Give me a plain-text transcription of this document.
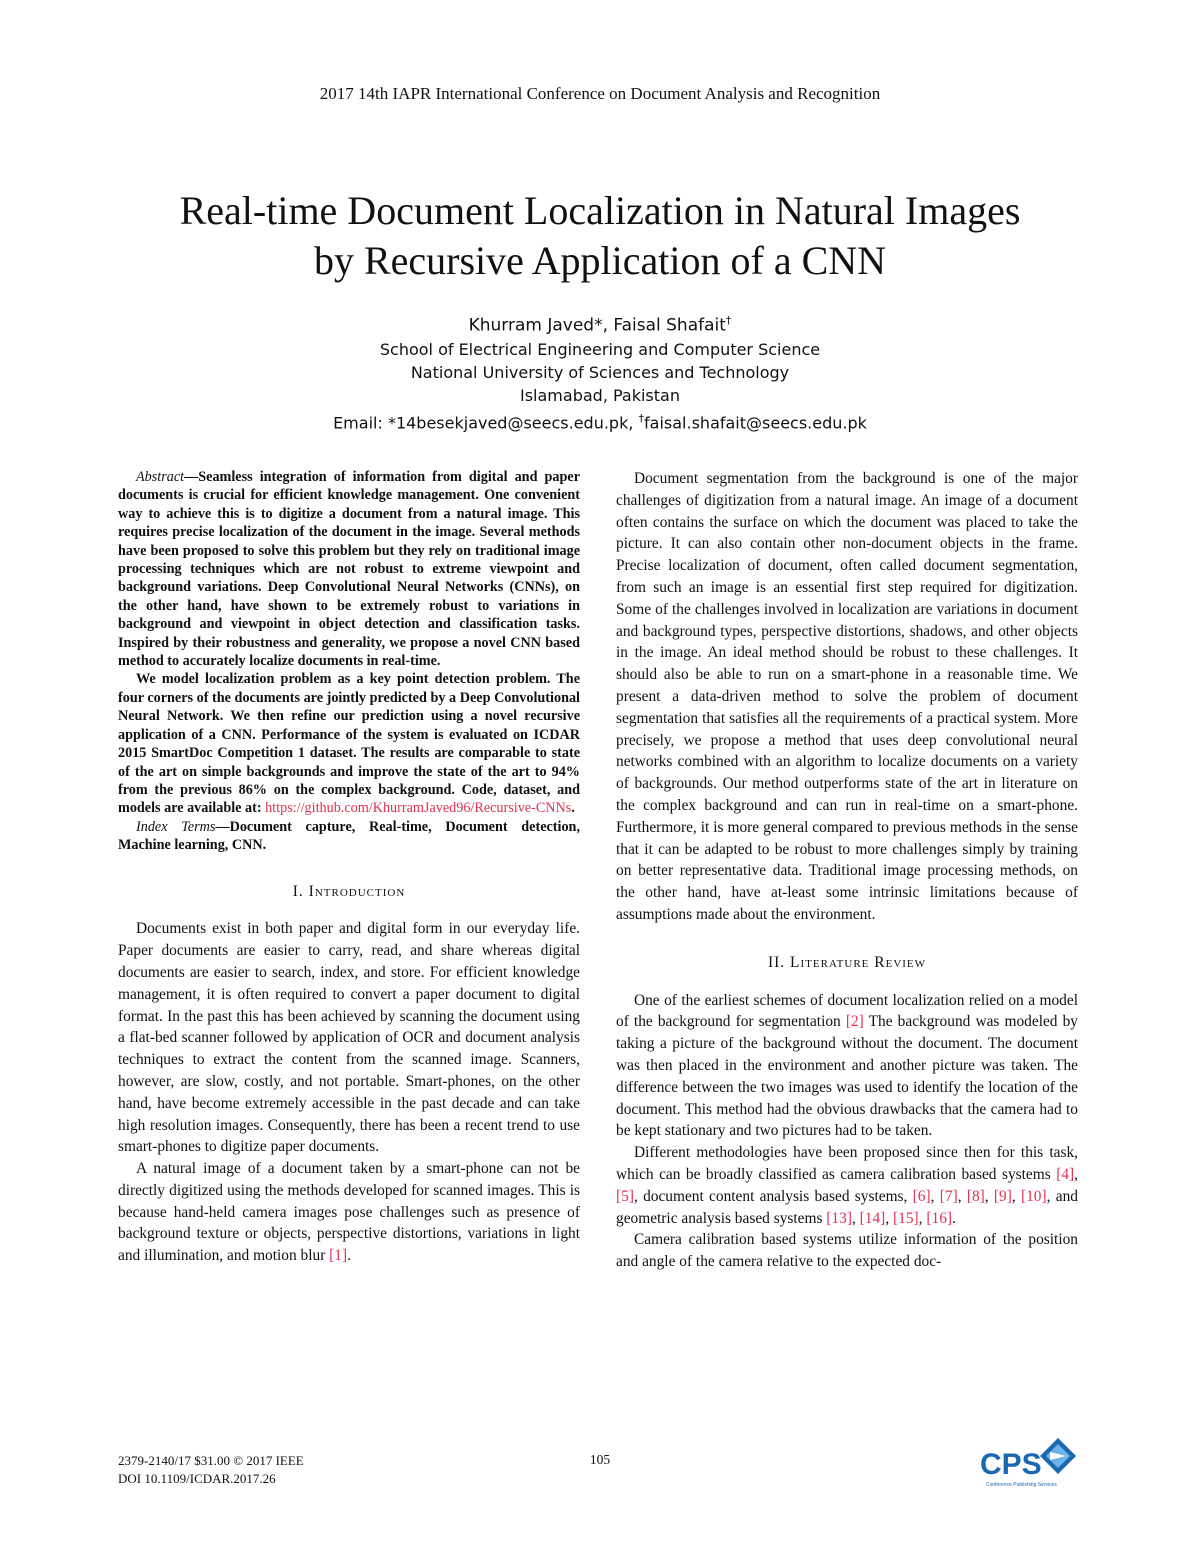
2017 14th IAPR International Conference on Document Analysis and Recognition
Real-time Document Localization in Natural Images
by Recursive Application of a CNN
Khurram Javed*, Faisal Shafait†
School of Electrical Engineering and Computer Science
National University of Sciences and Technology
Islamabad, Pakistan
Email: *14besekjaved@seecs.edu.pk, †faisal.shafait@seecs.edu.pk

Abstract—Seamless integration of information from digital and paper documents is crucial for efficient knowledge management. One convenient way to achieve this is to digitize a document from a natural image. This requires precise localization of the document in the image. Several methods have been proposed to solve this problem but they rely on traditional image processing techniques which are not robust to extreme viewpoint and background variations. Deep Convolutional Neural Networks (CNNs), on the other hand, have shown to be extremely robust to variations in background and viewpoint in object detection and classification tasks. Inspired by their robustness and generality, we propose a novel CNN based method to accurately localize documents in real-time.

We model localization problem as a key point detection problem. The four corners of the documents are jointly predicted by a Deep Convolutional Neural Network. We then refine our prediction using a novel recursive application of a CNN. Performance of the system is evaluated on ICDAR 2015 SmartDoc Competition 1 dataset. The results are comparable to state of the art on simple backgrounds and improve the state of the art to 94% from the previous 86% on the complex background. Code, dataset, and models are available at: https://github.com/KhurramJaved96/Recursive-CNNs.

Index Terms—Document capture, Real-time, Document detection, Machine learning, CNN.

I. Introduction

Documents exist in both paper and digital form in our everyday life. Paper documents are easier to carry, read, and share whereas digital documents are easier to search, index, and store. For efficient knowledge management, it is often required to convert a paper document to digital format. In the past this has been achieved by scanning the document using a flat-bed scanner followed by application of OCR and document analysis techniques to extract the content from the scanned image. Scanners, however, are slow, costly, and not portable. Smart-phones, on the other hand, have become extremely accessible in the past decade and can take high resolution images. Consequently, there has been a recent trend to use smart-phones to digitize paper documents.

A natural image of a document taken by a smart-phone can not be directly digitized using the methods developed for scanned images. This is because hand-held camera images pose challenges such as presence of background texture or objects, perspective distortions, variations in light and illumination, and motion blur [1].

Document segmentation from the background is one of the major challenges of digitization from a natural image. An image of a document often contains the surface on which the document was placed to take the picture. It can also contain other non-document objects in the frame. Precise localization of document, often called document segmentation, from such an image is an essential first step required for digitization. Some of the challenges involved in localization are variations in document and background types, perspective distortions, shadows, and other objects in the image. An ideal method should be robust to these challenges. It should also be able to run on a smart-phone in a reasonable time. We present a data-driven method to solve the problem of document segmentation that satisfies all the requirements of a practical system. More precisely, we propose a method that uses deep convolutional neural networks combined with an algorithm to localize documents on a variety of backgrounds. Our method outperforms state of the art in literature on the complex background and can run in real-time on a smart-phone. Furthermore, it is more general compared to previous methods in the sense that it can be adapted to be robust to more challenges simply by training on better representative data. Traditional image processing methods, on the other hand, have at-least some intrinsic limitations because of assumptions made about the environment.

II. Literature Review

One of the earliest schemes of document localization relied on a model of the background for segmentation [2] The background was modeled by taking a picture of the background without the document. The document was then placed in the environment and another picture was taken. The difference between the two images was used to identify the location of the document. This method had the obvious drawbacks that the camera had to be kept stationary and two pictures had to be taken.

Different methodologies have been proposed since then for this task, which can be broadly classified as camera calibration based systems [4], [5], document content analysis based systems, [6], [7], [8], [9], [10], and geometric analysis based systems [13], [14], [15], [16].

Camera calibration based systems utilize information of the position and angle of the camera relative to the expected doc-

2379-2140/17 $31.00 © 2017 IEEE
DOI 10.1109/ICDAR.2017.26
105	CPS
Conference Publishing Services
